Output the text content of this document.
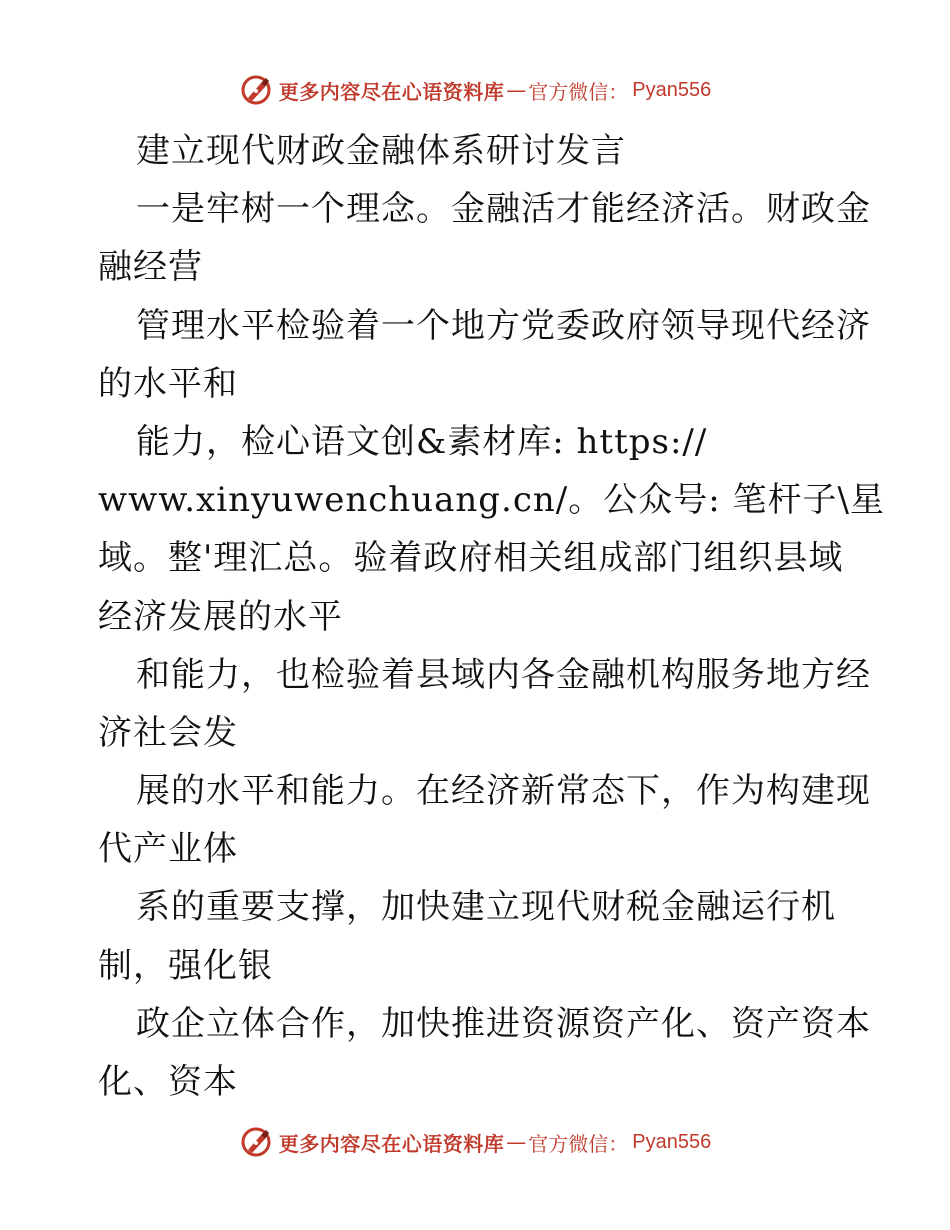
更多内容尽在心语资料库 — 官方微信： Pyan556
建立现代财政金融体系研讨发言
一是牢树一个理念。金融活才能经济活。财政金
融经营
管理水平检验着一个地方党委政府领导现代经济
的水平和
能力，检心语文创&素材库: https://
www.xinyuwenchuang.cn/。公众号: 笔杆子\星
域。整'理汇总。验着政府相关组成部门组织县域
经济发展的水平
和能力，也检验着县域内各金融机构服务地方经
济社会发
展的水平和能力。在经济新常态下，作为构建现
代产业体
系的重要支撑，加快建立现代财税金融运行机
制，强化银
政企立体合作，加快推进资源资产化、资产资本
化、资本
更多内容尽在心语资料库 — 官方微信： Pyan556
